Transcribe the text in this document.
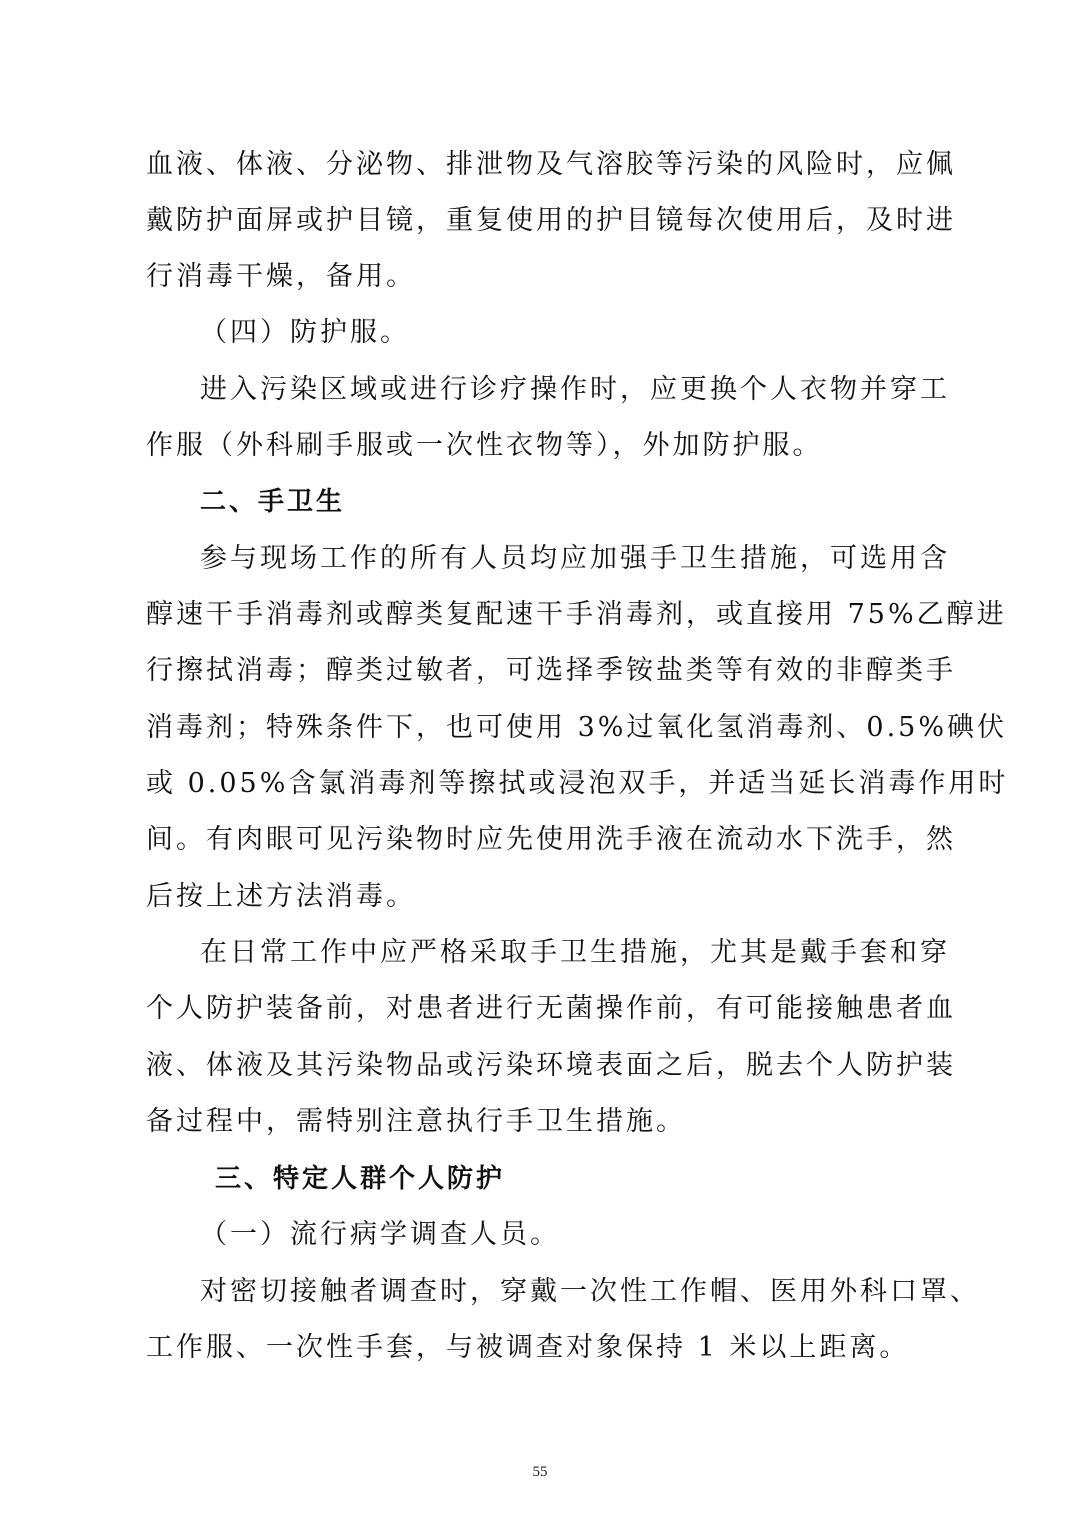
血液、体液、分泌物、排泄物及气溶胶等污染的风险时，应佩
戴防护面屏或护目镜，重复使用的护目镜每次使用后，及时进
行消毒干燥，备用。
（四）防护服。
进入污染区域或进行诊疗操作时，应更换个人衣物并穿工
作服（外科刷手服或一次性衣物等），外加防护服。
二、手卫生
参与现场工作的所有人员均应加强手卫生措施，可选用含
醇速干手消毒剂或醇类复配速干手消毒剂，或直接用 75%乙醇进
行擦拭消毒；醇类过敏者，可选择季铵盐类等有效的非醇类手
消毒剂；特殊条件下，也可使用 3%过氧化氢消毒剂、0.5%碘伏
或 0.05%含氯消毒剂等擦拭或浸泡双手，并适当延长消毒作用时
间。有肉眼可见污染物时应先使用洗手液在流动水下洗手，然
后按上述方法消毒。
在日常工作中应严格采取手卫生措施，尤其是戴手套和穿
个人防护装备前，对患者进行无菌操作前，有可能接触患者血
液、体液及其污染物品或污染环境表面之后，脱去个人防护装
备过程中，需特别注意执行手卫生措施。
三、特定人群个人防护
（一）流行病学调查人员。
对密切接触者调查时，穿戴一次性工作帽、医用外科口罩、
工作服、一次性手套，与被调查对象保持 1 米以上距离。
55
